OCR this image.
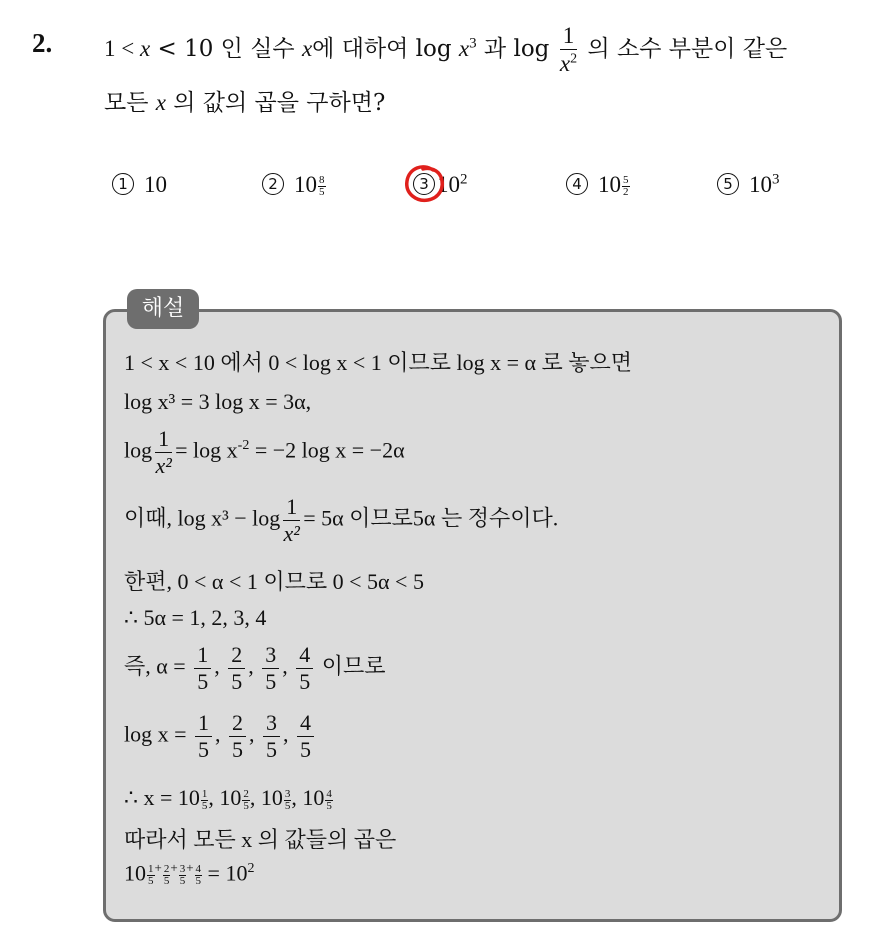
2. 1 < x < 10 인 실수 x에 대하여 $\log x^3$ 과 $\log \frac{1}{x^2}$ 의 소수 부분이 같은
모든 x 의 값의 곱을 구하면?
1 10	2 $10 \frac{8}{5}$	3 $10^2$	4 $10 \frac{5}{2}$	5 $10^3$
해설
1 < x < 10 에서 0 < log x < 1 이므로 log x = α 로 놓으면
log x³ = 3 log x = 3α,
$\log \frac{1}{\text{x²}} = \log x^{-2} = -2$ log x = −2α
이때, $\log x^3 - \log \frac{1}{\text{x²}} = 5\alpha$ 이므로5α 는 정수이다.
한편, 0 < α < 1 이므로 0 < 5α < 5
∴ 5α = 1, 2, 3, 4
즉, $\alpha = \frac{1}{5}$ , $\frac{2}{5}$ , $\frac{3}{5}$ , $\frac{4}{5}$ 이므로
$\log x = \frac{1}{5}$ , $\frac{2}{5}$ , $\frac{3}{5}$ , $\frac{4}{5}$
∴ $x = 10 \frac{1}{5}$ , $10 \frac{2}{5}$ , $10 \frac{3}{5}$ , $10 \frac{4}{5}$
따라서 모든 x 의 값들의 곱은
$10 \frac{1}{5} ^+ \frac{2}{5} ^+ \frac{3}{5} ^+ \frac{4}{5} = 10^2$
